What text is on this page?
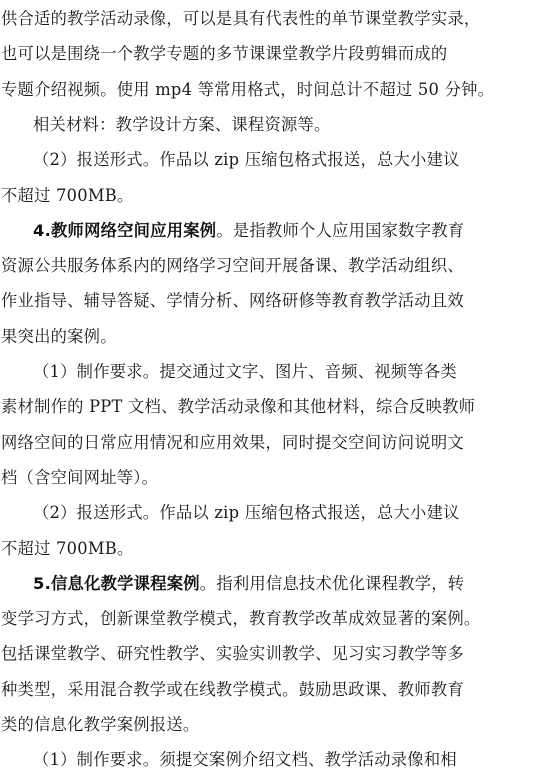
供合适的教学活动录像，可以是具有代表性的单节课堂教学实录，
也可以是围绕一个教学专题的多节课课堂教学片段剪辑而成的
专题介绍视频。使用 mp4 等常用格式，时间总计不超过 50 分钟。
相关材料：教学设计方案、课程资源等。
（2）报送形式。作品以 zip 压缩包格式报送，总大小建议
不超过 700MB。
4.教师网络空间应用案例。是指教师个人应用国家数字教育
资源公共服务体系内的网络学习空间开展备课、教学活动组织、
作业指导、辅导答疑、学情分析、网络研修等教育教学活动且效
果突出的案例。
（1）制作要求。提交通过文字、图片、音频、视频等各类
素材制作的 PPT 文档、教学活动录像和其他材料，综合反映教师
网络空间的日常应用情况和应用效果，同时提交空间访问说明文
档（含空间网址等）。
（2）报送形式。作品以 zip 压缩包格式报送，总大小建议
不超过 700MB。
5.信息化教学课程案例。指利用信息技术优化课程教学，转
变学习方式，创新课堂教学模式，教育教学改革成效显著的案例。
包括课堂教学、研究性教学、实验实训教学、见习实习教学等多
种类型，采用混合教学或在线教学模式。鼓励思政课、教师教育
类的信息化教学案例报送。
（1）制作要求。须提交案例介绍文档、教学活动录像和相
